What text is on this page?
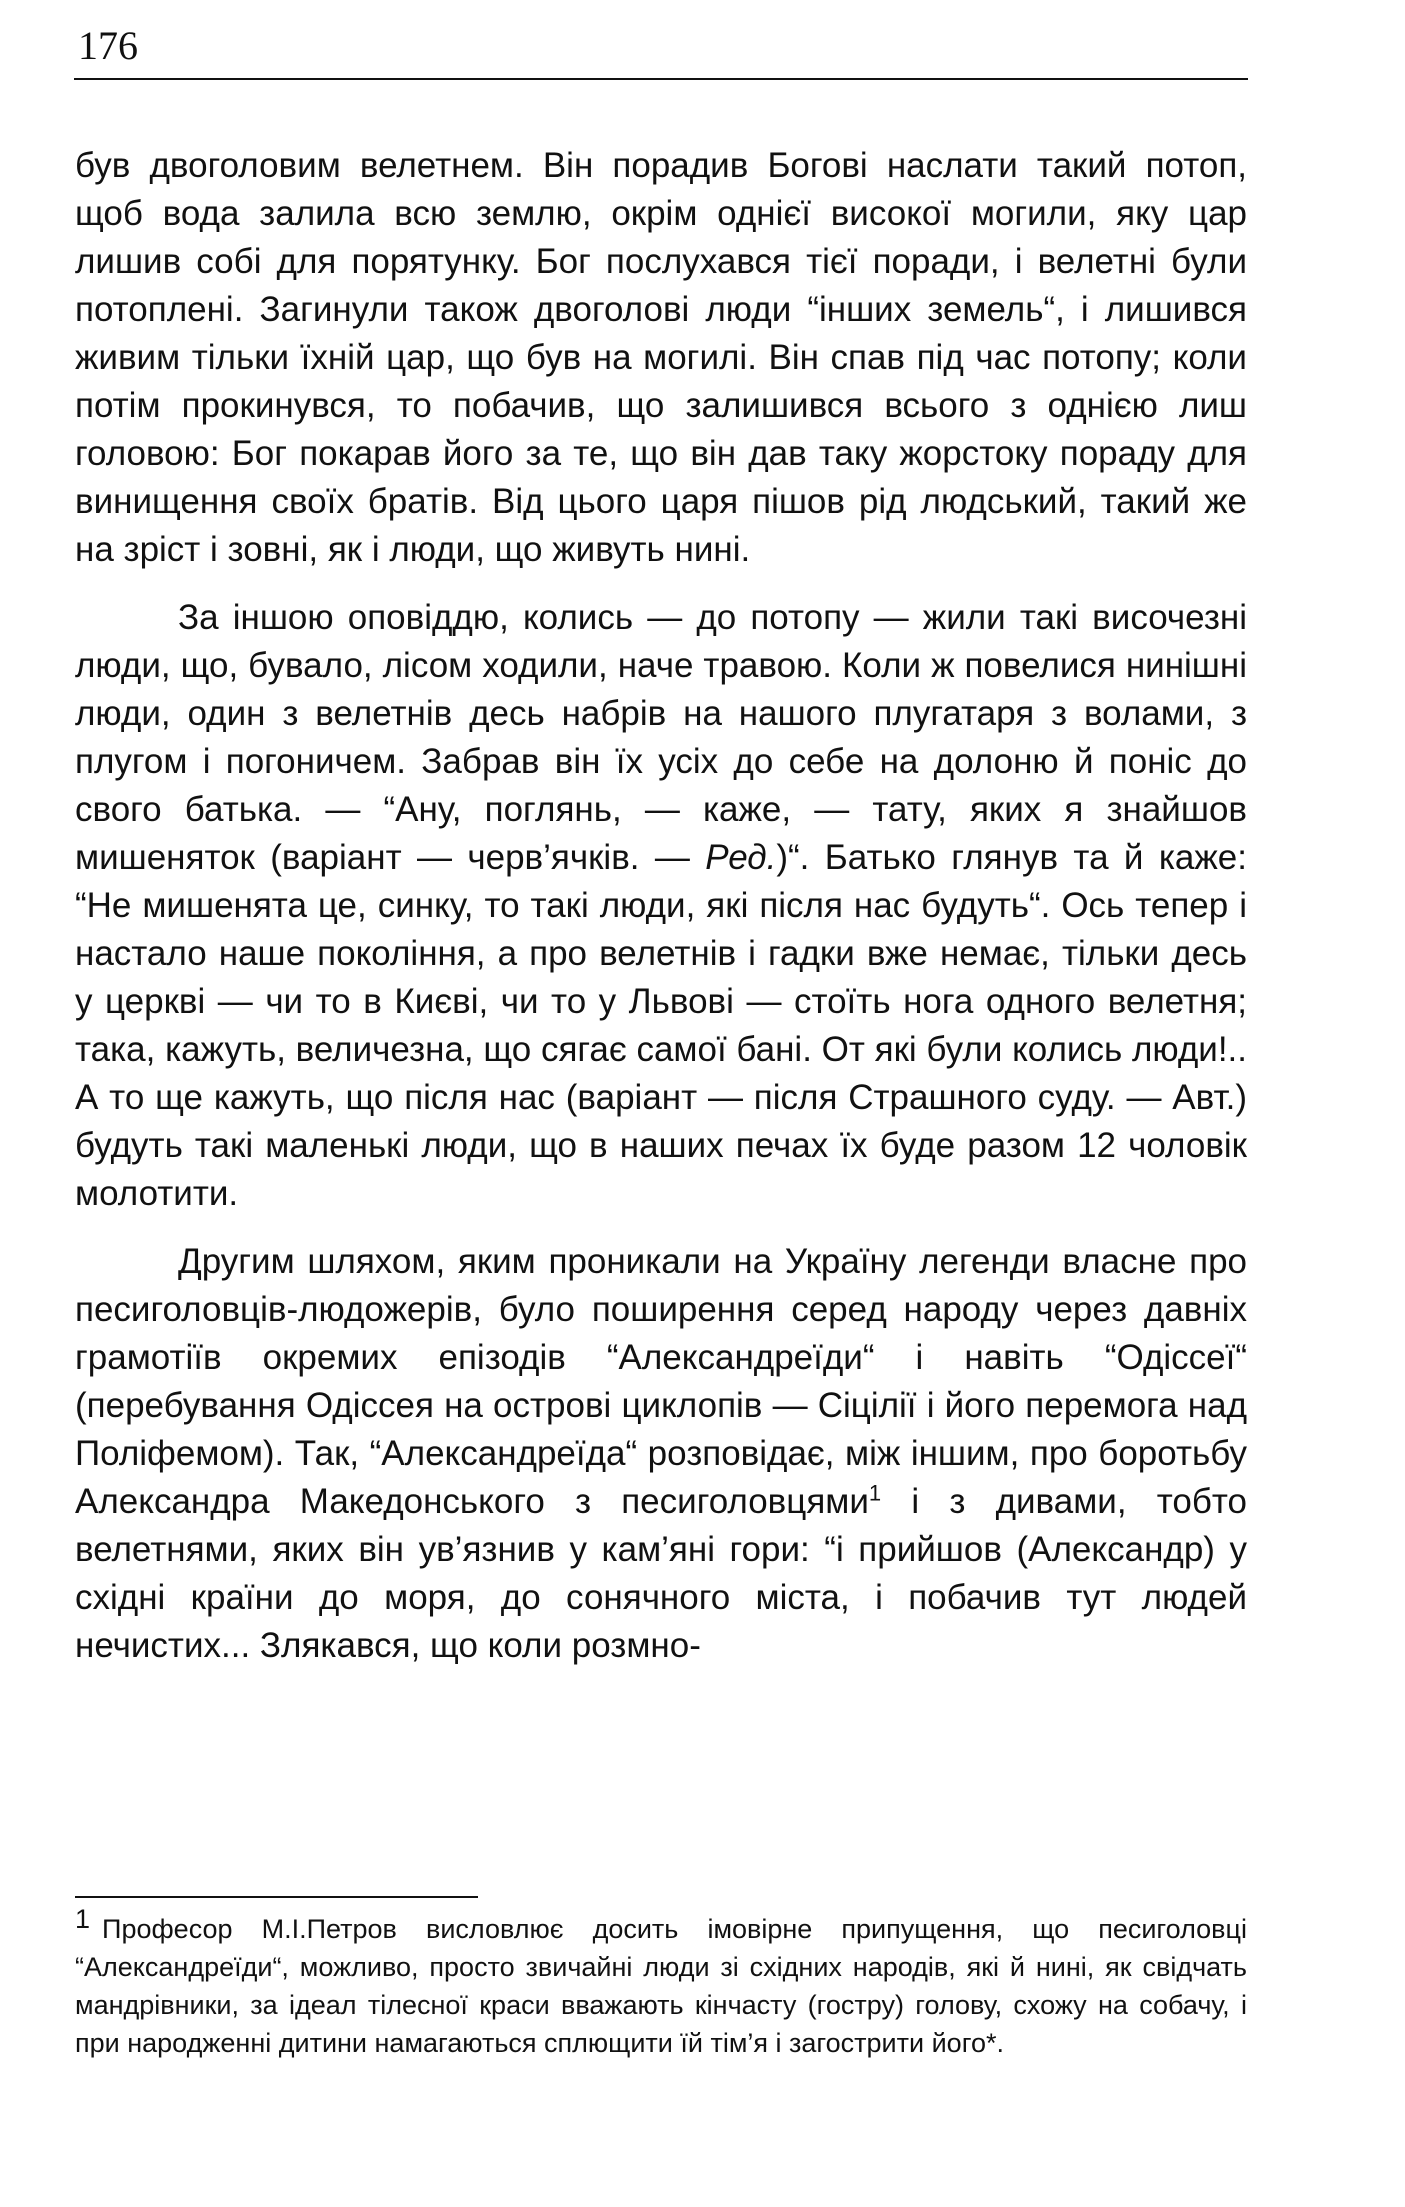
176

був двоголовим велетнем. Він порадив Богові наслати такий потоп, щоб вода залила всю землю, окрім однієї високої могили, яку цар лишив собі для порятунку. Бог послухався тієї поради, і велетні були потоплені. Загинули також двоголові люди “інших земель“, і лишився живим тільки їхній цар, що був на могилі. Він спав під час потопу; коли потім прокинувся, то побачив, що залишився всього з однією лиш головою: Бог покарав його за те, що він дав таку жорстоку пораду для винищення своїх братів. Від цього царя пішов рід людський, такий же на зріст і зовні, як і люди, що живуть нині.

За іншою оповіддю, колись — до потопу — жили такі височезні люди, що, бувало, лісом ходили, наче травою. Коли ж повелися нинішні люди, один з велетнів десь набрів на нашого плугатаря з волами, з плугом і погоничем. Забрав він їх усіх до себе на долоню й поніс до свого батька. — “Ану, поглянь, — каже, — тату, яких я знайшов мишеняток (варіант — черв’ячків. — Ред.)“. Батько глянув та й каже: “Не мишенята це, синку, то такі люди, які після нас будуть“. Ось тепер і настало наше покоління, а про велетнів і гадки вже немає, тільки десь у церкві — чи то в Києві, чи то у Львові — стоїть нога одного велетня; така, кажуть, величезна, що сягає самої бані. От які були колись люди!.. А то ще кажуть, що після нас (варіант — після Страшного суду. — Авт.) будуть такі маленькі люди, що в наших печах їх буде разом 12 чоловік молотити.

Другим шляхом, яким проникали на Україну легенди власне про песиголовців-людожерів, було поширення серед народу через давніх грамотіїв окремих епізодів “Александреїди“ і навіть “Одіссеї“ (перебування Одіссея на острові циклопів — Сіцілії і його перемога над Поліфемом). Так, “Александреїда“ розповідає, між іншим, про боротьбу Александра Македонського з песиголовцями$^1$ і з дивами, тобто велетнями, яких він ув’язнив у кам’яні гори: “і прийшов (Александр) у східні країни до моря, до сонячного міста, і побачив тут людей нечистих... Злякався, що коли розмно-

1 Професор М.І.Петров висловлює досить імовірне припущення, що песиголовці “Александреїди“, можливо, просто звичайні люди зі східних народів, які й нині, як свідчать мандрівники, за ідеал тілесної краси вважають кінчасту (гостру) голову, схожу на собачу, і при народженні дитини намагаються сплющити їй тім’я і загострити його*.
